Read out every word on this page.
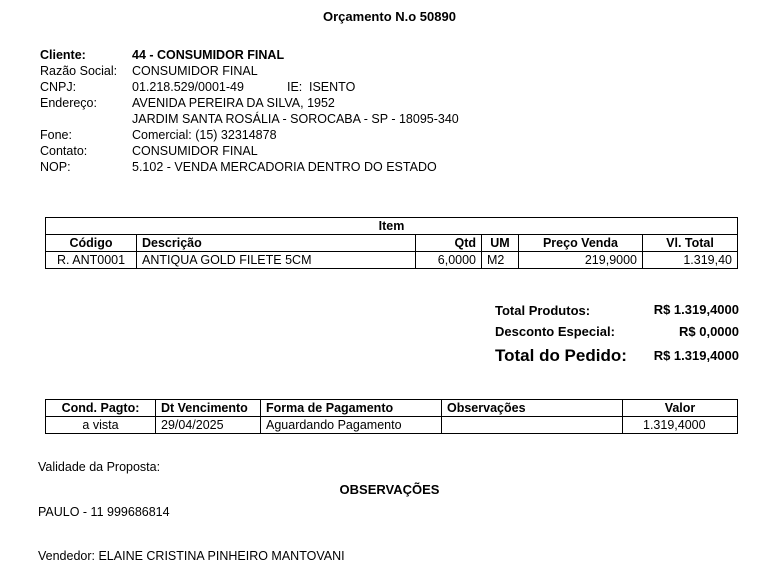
Orçamento N.o 50890
Cliente:	44 - CONSUMIDOR FINAL
Razão Social: CONSUMIDOR FINAL
CNPJ:	01.218.529/0001-49	IE: ISENTO
Endereço:	AVENIDA PEREIRA DA SILVA, 1952
JARDIM SANTA ROSÁLIA - SOROCABA - SP - 18095-340
Fone:	Comercial: (15) 32314878
Contato:	CONSUMIDOR FINAL
NOP:	5.102 - VENDA MERCADORIA DENTRO DO ESTADO
Item					
Código	Descrição	Qtd	UM	Preço Venda	Vl. Total
R. ANT0001	ANTIQUA GOLD FILETE 5CM	6,0000	M2	219,9000	1.319,40
Total Produtos:	R$ 1.319,4000
Desconto Especial:	R$ 0,0000
Total do Pedido: R$ 1.319,4000
Cond. Pagto:	Dt Vencimento	Forma de Pagamento	Observações	Valor
a vista	29/04/2025	Aguardando Pagamento		1.319,4000
Validade da Proposta:
OBSERVAÇÕES
PAULO - 11 999686814
Vendedor: ELAINE CRISTINA PINHEIRO MANTOVANI
